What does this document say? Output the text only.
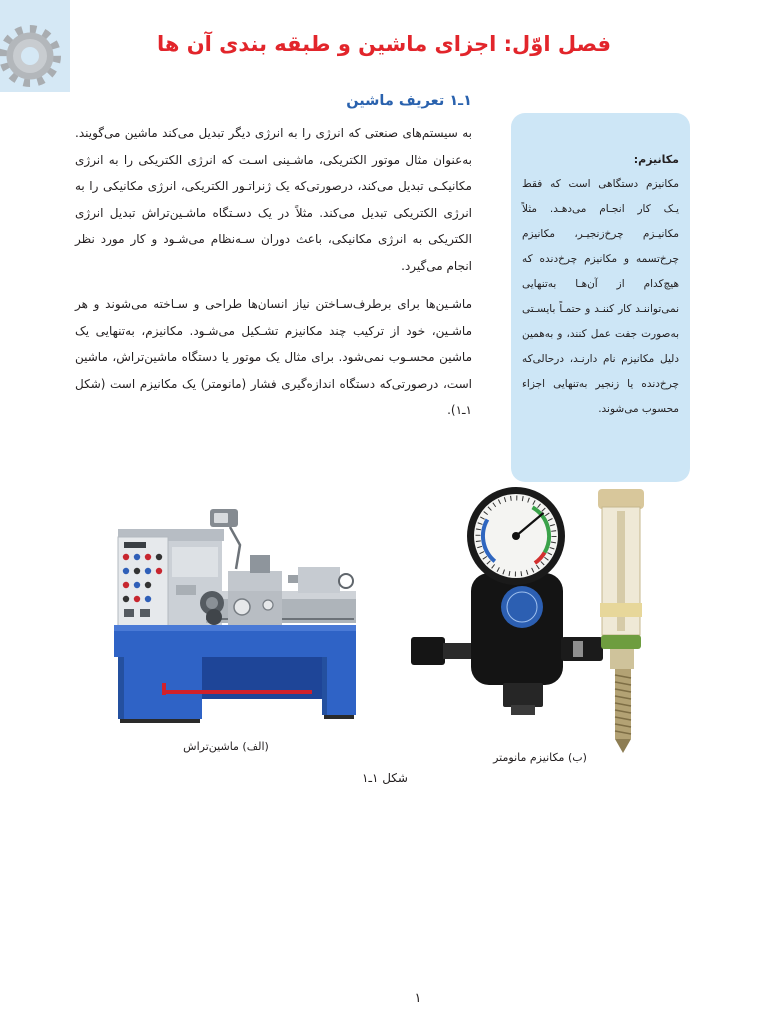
فصل اوّل: اجزای ماشین و طبقه بندی آن ها
۱ـ۱ تعریف ماشین

به سیستم‌های صنعتی که انرژی را به انرژی دیگر تبدیل می‌کند ماشین می‌گویند. به‌عنوان مثال موتور الکتریکی، ماشـینی اسـت که انرژی الکتریکی را به انرژی مکانیکـی تبدیل می‌کند، درصورتی‌که یک ژنراتـور الکتریکی، انرژی مکانیکی را به انرژی الکتریکی تبدیل می‌کند. مثلاً در یک دسـتگاه ماشـین‌تراش تبدیل انرژی الکتریکی به انرژی مکانیکی، باعث دوران سـه‌نظام می‌شـود و کار مورد نظر انجام می‌گیرد.

ماشـین‌ها برای برطرف‌سـاختن نیاز انسان‌ها طراحی و سـاخته می‌شوند و هر ماشـین، خود از ترکیب چند مکانیزم تشـکیل می‌شـود. مکانیزم، به‌تنهایی یک ماشین محسـوب نمی‌شود. برای مثال یک موتور یا دستگاه ماشین‌تراش، ماشین است، درصورتی‌که دستگاه اندازه‌گیری فشار (مانومتر) یک مکانیزم است (شکل ۱ـ۱).

مکانیزم:

مکانیزم دستگاهی است که فقط یـک کار انجـام می‌دهـد. مثلاً مکانیـزم چرخ‌زنجیـر، مکانیزم چرخ‌تسمه و مکانیزم چرخ‌دنده که هیچ‌کدام از آن‌هـا به‌تنهایی نمی‌تواننـد کار کننـد و حتمـاً بایسـتی به‌صورت جفت عمل کنند، و به‌همین دلیل مکانیزم نام دارنـد، درحالی‌که چرخ‌دنده یا زنجیر به‌تنهایی اجزاء محسوب می‌شوند.

(الف) ماشین‌تراش

(ب) مکانیزم مانومتر

شکل ۱ـ۱

۱
